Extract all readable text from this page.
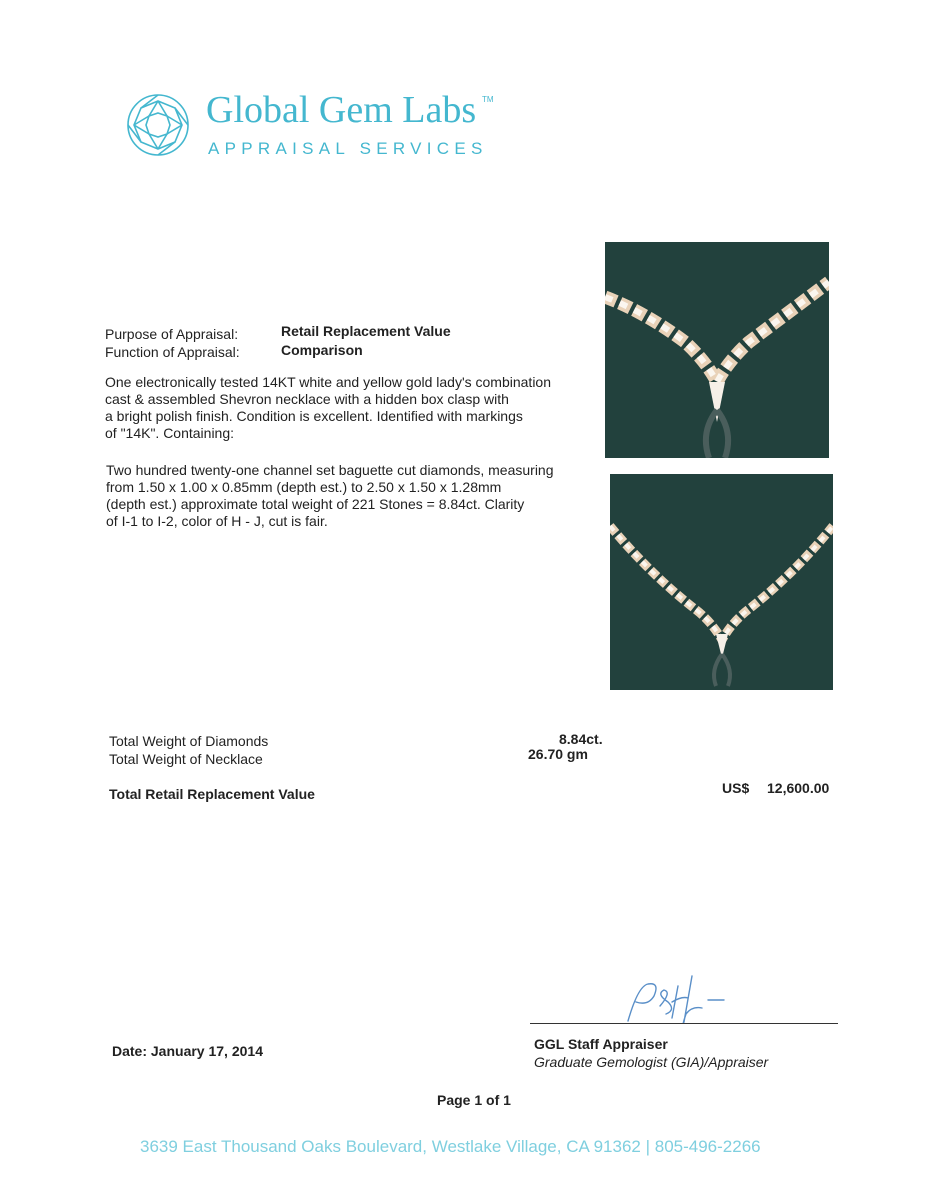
Global Gem Labs TM
APPRAISAL SERVICES
Purpose of Appraisal:	Retail Replacement Value
Function of Appraisal:	Comparison
One electronically tested 14KT white and yellow gold lady's combination
cast & assembled Shevron necklace with a hidden box clasp with
a bright polish finish. Condition is excellent. Identified with markings
of "14K". Containing:
Two hundred twenty-one channel set baguette cut diamonds, measuring
from 1.50 x 1.00 x 0.85mm (depth est.) to 2.50 x 1.50 x 1.28mm
(depth est.) approximate total weight of 221 Stones = 8.84ct. Clarity
of I-1 to I-2, color of H - J, cut is fair.
Total Weight of Diamonds	8.84ct.
Total Weight of Necklace	26.70 gm
Total Retail Replacement Value	US$ 12,600.00
GGL Staff Appraiser
Graduate Gemologist (GIA)/Appraiser
Date: January 17, 2014
Page 1 of 1
3639 East Thousand Oaks Boulevard, Westlake Village, CA 91362 | 805-496-2266
